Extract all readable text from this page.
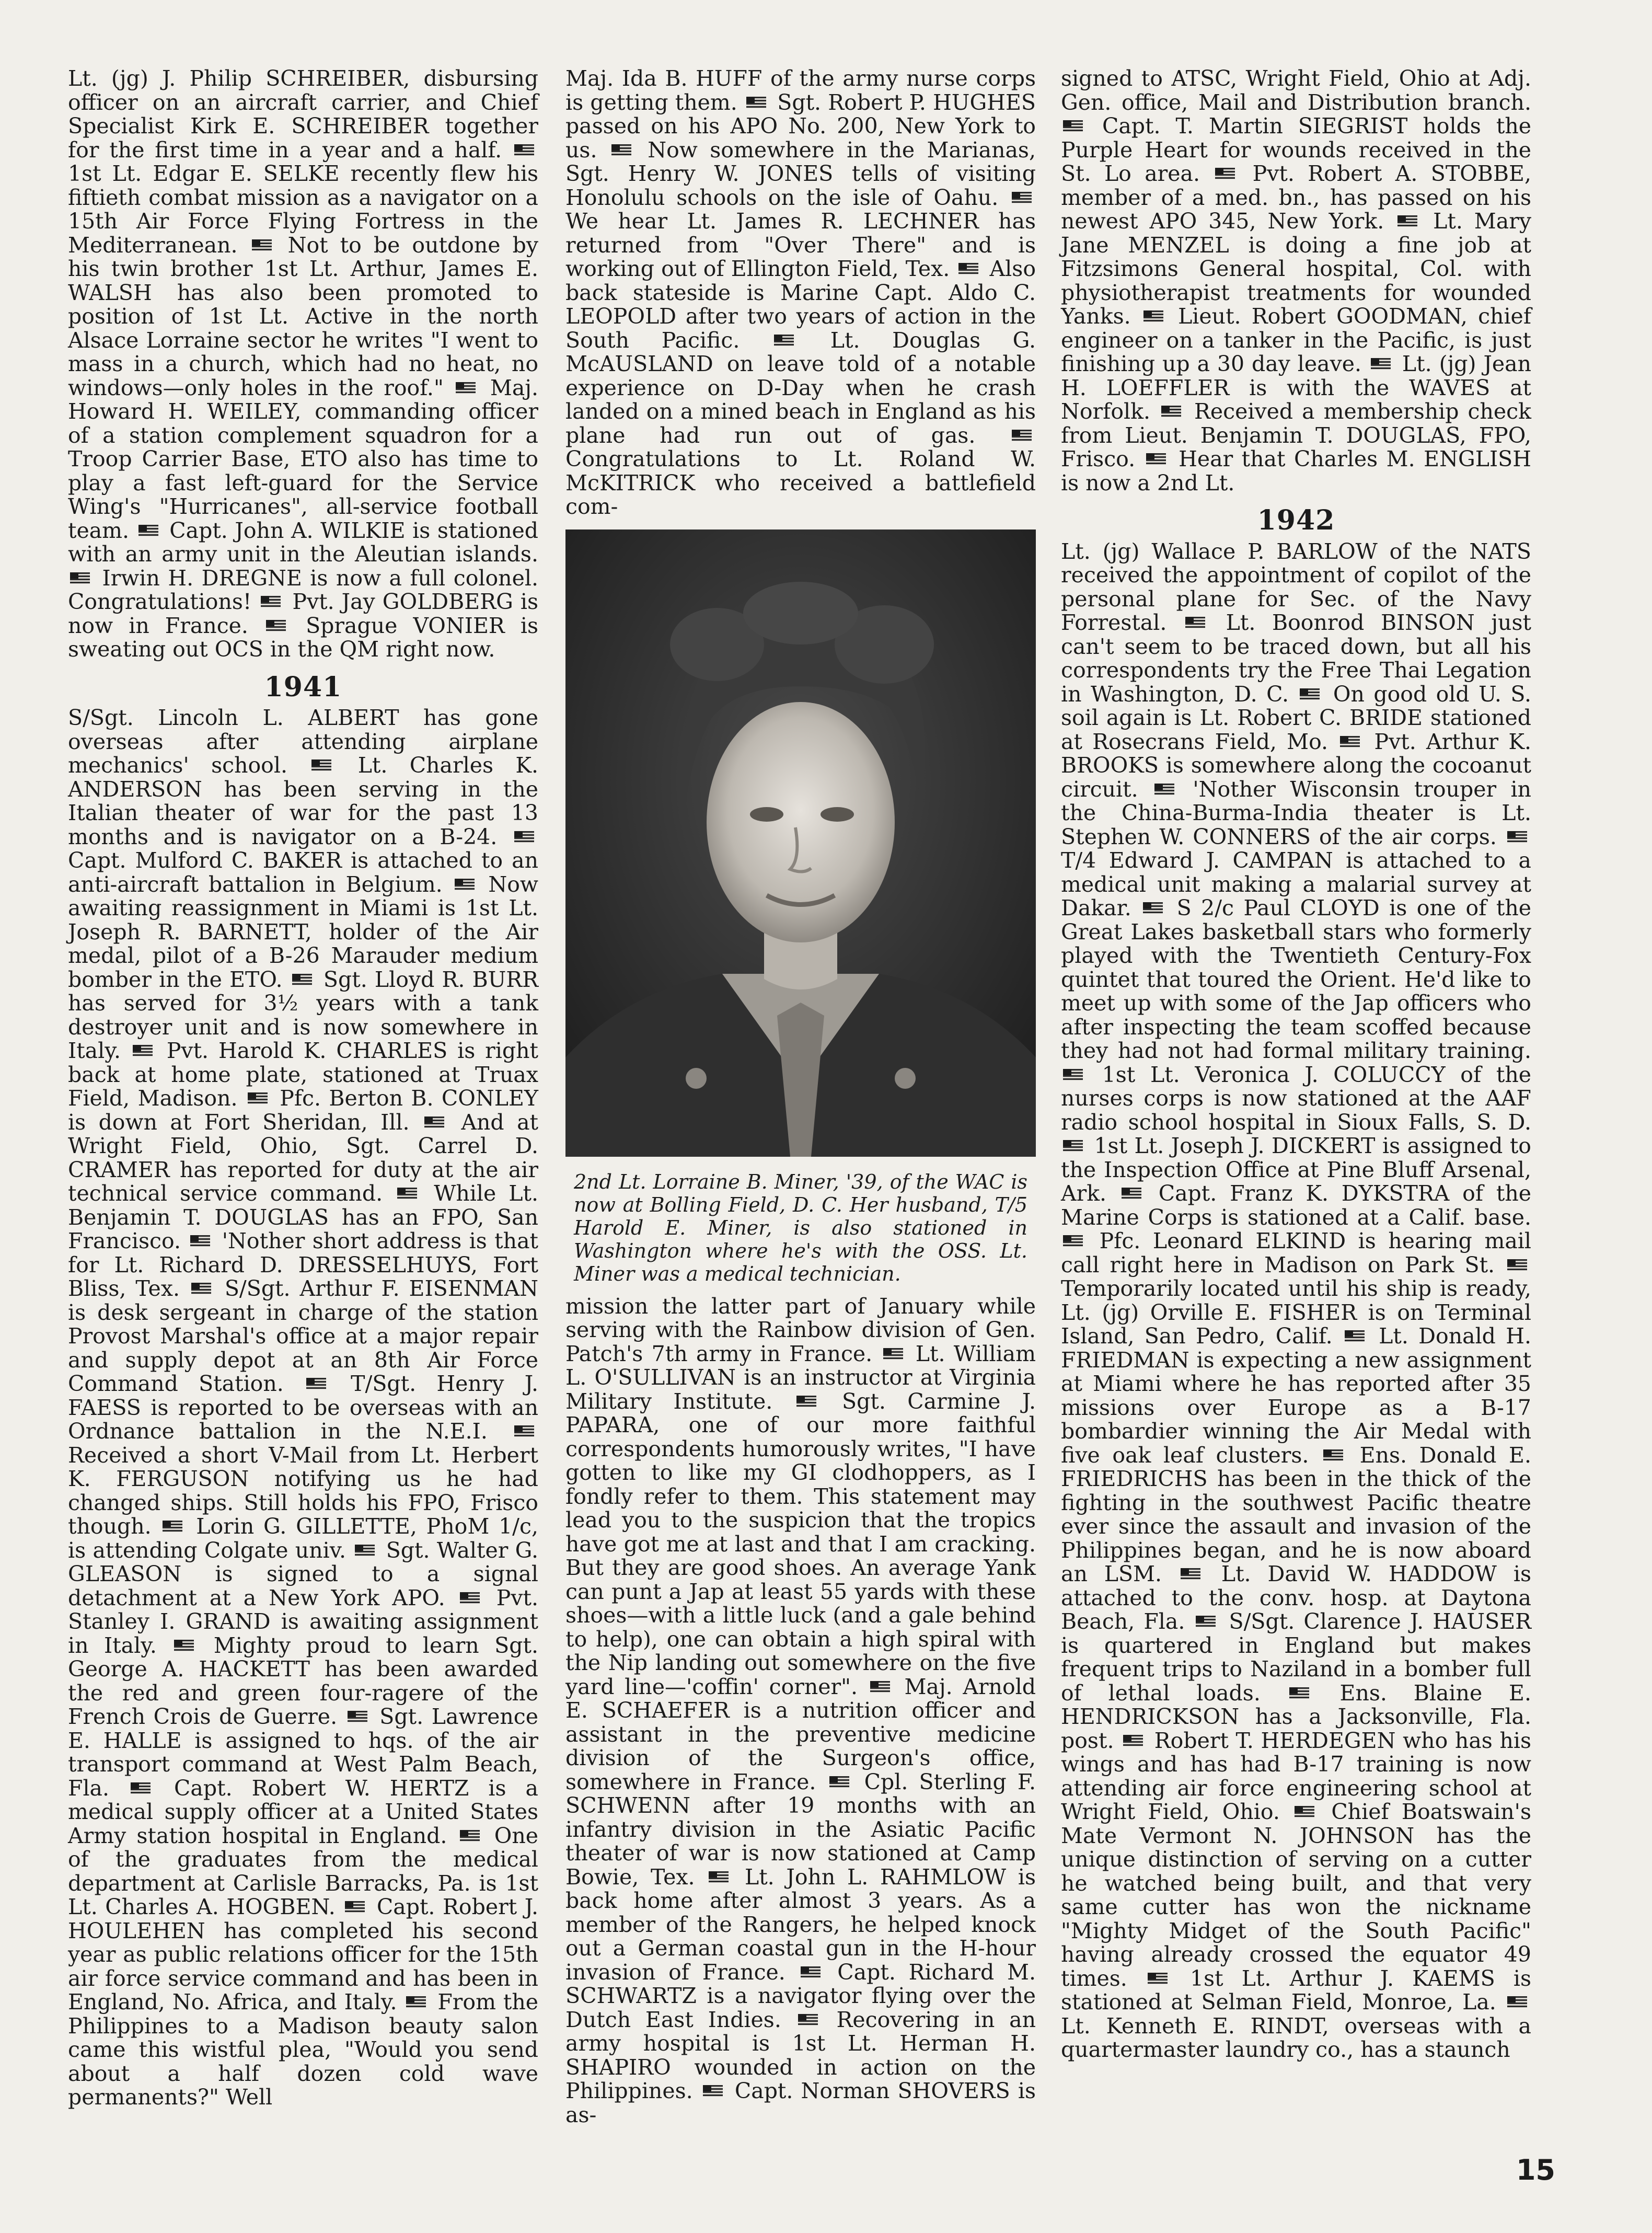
Lt. (jg) J. Philip SCHREIBER, disbursing officer on an aircraft carrier, and Chief Specialist Kirk E. SCHREIBER together for the first time in a year and a half.  1st Lt. Edgar E. SELKE recently flew his fiftieth combat mission as a navigator on a 15th Air Force Flying Fortress in the Mediterranean.  Not to be outdone by his twin brother 1st Lt. Arthur, James E. WALSH has also been promoted to position of 1st Lt. Active in the north Alsace Lorraine sector he writes "I went to mass in a church, which had no heat, no windows—only holes in the roof."  Maj. Howard H. WEILEY, commanding officer of a station complement squadron for a Troop Carrier Base, ETO also has time to play a fast left-guard for the Service Wing's "Hurricanes", all-service football team.  Capt. John A. WILKIE is stationed with an army unit in the Aleutian islands.  Irwin H. DREGNE is now a full colonel. Congratulations!  Pvt. Jay GOLDBERG is now in France.  Sprague VONIER is sweating out OCS in the QM right now.

1941

S/Sgt. Lincoln L. ALBERT has gone overseas after attending airplane mechanics' school.  Lt. Charles K. ANDERSON has been serving in the Italian theater of war for the past 13 months and is navigator on a B-24.  Capt. Mulford C. BAKER is attached to an anti-aircraft battalion in Belgium.  Now awaiting reassignment in Miami is 1st Lt. Joseph R. BARNETT, holder of the Air medal, pilot of a B-26 Marauder medium bomber in the ETO.  Sgt. Lloyd R. BURR has served for 3½ years with a tank destroyer unit and is now somewhere in Italy.  Pvt. Harold K. CHARLES is right back at home plate, stationed at Truax Field, Madison.  Pfc. Berton B. CONLEY is down at Fort Sheridan, Ill.  And at Wright Field, Ohio, Sgt. Carrel D. CRAMER has reported for duty at the air technical service command.  While Lt. Benjamin T. DOUGLAS has an FPO, San Francisco.  'Nother short address is that for Lt. Richard D. DRESSELHUYS, Fort Bliss, Tex.  S/Sgt. Arthur F. EISENMAN is desk sergeant in charge of the station Provost Marshal's office at a major repair and supply depot at an 8th Air Force Command Station.  T/Sgt. Henry J. FAESS is reported to be overseas with an Ordnance battalion in the N.E.I.  Received a short V-Mail from Lt. Herbert K. FERGUSON notifying us he had changed ships. Still holds his FPO, Frisco though.  Lorin G. GILLETTE, PhoM 1/c, is attending Colgate univ.  Sgt. Walter G. GLEASON is signed to a signal detachment at a New York APO.  Pvt. Stanley I. GRAND is awaiting assignment in Italy.  Mighty proud to learn Sgt. George A. HACKETT has been awarded the red and green four-ragere of the French Crois de Guerre.  Sgt. Lawrence E. HALLE is assigned to hqs. of the air transport command at West Palm Beach, Fla.  Capt. Robert W. HERTZ is a medical supply officer at a United States Army station hospital in England.  One of the graduates from the medical department at Carlisle Barracks, Pa. is 1st Lt. Charles A. HOGBEN.  Capt. Robert J. HOULEHEN has completed his second year as public relations officer for the 15th air force service command and has been in England, No. Africa, and Italy.  From the Philippines to a Madison beauty salon came this wistful plea, "Would you send about a half dozen cold wave permanents?" Well

Maj. Ida B. HUFF of the army nurse corps is getting them.  Sgt. Robert P. HUGHES passed on his APO No. 200, New York to us.  Now somewhere in the Marianas, Sgt. Henry W. JONES tells of visiting Honolulu schools on the isle of Oahu.  We hear Lt. James R. LECHNER has returned from "Over There" and is working out of Ellington Field, Tex.  Also back stateside is Marine Capt. Aldo C. LEOPOLD after two years of action in the South Pacific.  Lt. Douglas G. McAUSLAND on leave told of a notable experience on D-Day when he crash landed on a mined beach in England as his plane had run out of gas.  Congratulations to Lt. Roland W. McKITRICK who received a battlefield com-

2nd Lt. Lorraine B. Miner, '39, of the WAC is now at Bolling Field, D. C. Her husband, T/5 Harold E. Miner, is also stationed in Washington where he's with the OSS. Lt. Miner was a medical technician.

mission the latter part of January while serving with the Rainbow division of Gen. Patch's 7th army in France.  Lt. William L. O'SULLIVAN is an instructor at Virginia Military Institute.  Sgt. Carmine J. PAPARA, one of our more faithful correspondents humorously writes, "I have gotten to like my GI clodhoppers, as I fondly refer to them. This statement may lead you to the suspicion that the tropics have got me at last and that I am cracking. But they are good shoes. An average Yank can punt a Jap at least 55 yards with these shoes—with a little luck (and a gale behind to help), one can obtain a high spiral with the Nip landing out somewhere on the five yard line—'coffin' corner".  Maj. Arnold E. SCHAEFER is a nutrition officer and assistant in the preventive medicine division of the Surgeon's office, somewhere in France.  Cpl. Sterling F. SCHWENN after 19 months with an infantry division in the Asiatic Pacific theater of war is now stationed at Camp Bowie, Tex.  Lt. John L. RAHMLOW is back home after almost 3 years. As a member of the Rangers, he helped knock out a German coastal gun in the H-hour invasion of France.  Capt. Richard M. SCHWARTZ is a navigator flying over the Dutch East Indies.  Recovering in an army hospital is 1st Lt. Herman H. SHAPIRO wounded in action on the Philippines.  Capt. Norman SHOVERS is as-

signed to ATSC, Wright Field, Ohio at Adj. Gen. office, Mail and Distribution branch.  Capt. T. Martin SIEGRIST holds the Purple Heart for wounds received in the St. Lo area.  Pvt. Robert A. STOBBE, member of a med. bn., has passed on his newest APO 345, New York.  Lt. Mary Jane MENZEL is doing a fine job at Fitzsimons General hospital, Col. with physiotherapist treatments for wounded Yanks.  Lieut. Robert GOODMAN, chief engineer on a tanker in the Pacific, is just finishing up a 30 day leave.  Lt. (jg) Jean H. LOEFFLER is with the WAVES at Norfolk.  Received a membership check from Lieut. Benjamin T. DOUGLAS, FPO, Frisco.  Hear that Charles M. ENGLISH is now a 2nd Lt.

1942

Lt. (jg) Wallace P. BARLOW of the NATS received the appointment of copilot of the personal plane for Sec. of the Navy Forrestal.  Lt. Boonrod BINSON just can't seem to be traced down, but all his correspondents try the Free Thai Legation in Washington, D. C.  On good old U. S. soil again is Lt. Robert C. BRIDE stationed at Rosecrans Field, Mo.  Pvt. Arthur K. BROOKS is somewhere along the cocoanut circuit.  'Nother Wisconsin trouper in the China-Burma-India theater is Lt. Stephen W. CONNERS of the air corps.  T/4 Edward J. CAMPAN is attached to a medical unit making a malarial survey at Dakar.  S 2/c Paul CLOYD is one of the Great Lakes basketball stars who formerly played with the Twentieth Century-Fox quintet that toured the Orient. He'd like to meet up with some of the Jap officers who after inspecting the team scoffed because they had not had formal military training.  1st Lt. Veronica J. COLUCCY of the nurses corps is now stationed at the AAF radio school hospital in Sioux Falls, S. D.  1st Lt. Joseph J. DICKERT is assigned to the Inspection Office at Pine Bluff Arsenal, Ark.  Capt. Franz K. DYKSTRA of the Marine Corps is stationed at a Calif. base.  Pfc. Leonard ELKIND is hearing mail call right here in Madison on Park St.  Temporarily located until his ship is ready, Lt. (jg) Orville E. FISHER is on Terminal Island, San Pedro, Calif.  Lt. Donald H. FRIEDMAN is expecting a new assignment at Miami where he has reported after 35 missions over Europe as a B-17 bombardier winning the Air Medal with five oak leaf clusters.  Ens. Donald E. FRIEDRICHS has been in the thick of the fighting in the southwest Pacific theatre ever since the assault and invasion of the Philippines began, and he is now aboard an LSM.  Lt. David W. HADDOW is attached to the conv. hosp. at Daytona Beach, Fla.  S/Sgt. Clarence J. HAUSER is quartered in England but makes frequent trips to Naziland in a bomber full of lethal loads.  Ens. Blaine E. HENDRICKSON has a Jacksonville, Fla. post.  Robert T. HERDEGEN who has his wings and has had B-17 training is now attending air force engineering school at Wright Field, Ohio.  Chief Boatswain's Mate Vermont N. JOHNSON has the unique distinction of serving on a cutter he watched being built, and that very same cutter has won the nickname "Mighty Midget of the South Pacific" having already crossed the equator 49 times.  1st Lt. Arthur J. KAEMS is stationed at Selman Field, Monroe, La.  Lt. Kenneth E. RINDT, overseas with a quartermaster laundry co., has a staunch

15
